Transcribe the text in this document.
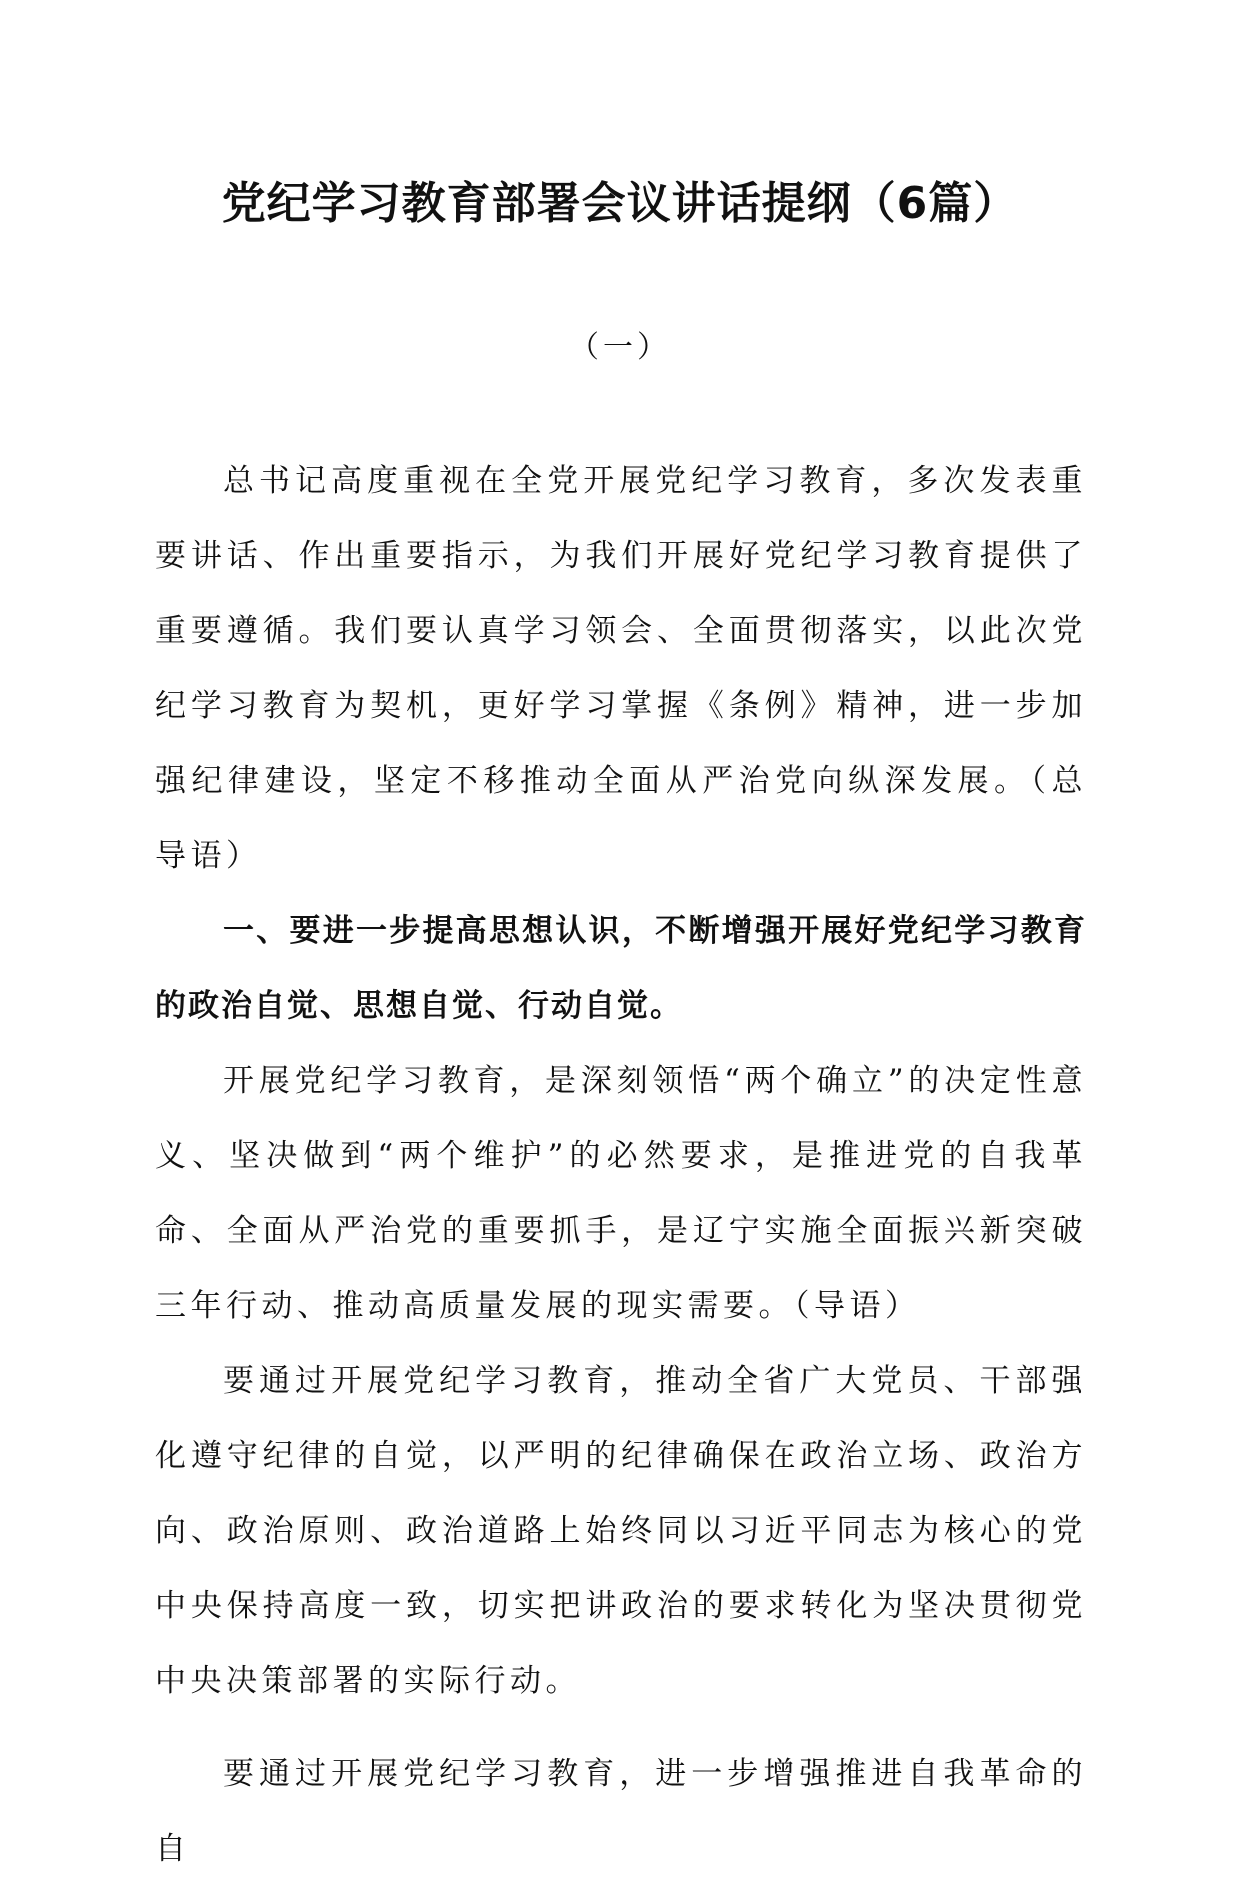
党纪学习教育部署会议讲话提纲（6篇）
（一）

总书记高度重视在全党开展党纪学习教育，多次发表重要讲话、作出重要指示，为我们开展好党纪学习教育提供了重要遵循。我们要认真学习领会、全面贯彻落实，以此次党纪学习教育为契机，更好学习掌握《条例》精神，进一步加强纪律建设，坚定不移推动全面从严治党向纵深发展。（总导语）

一、要进一步提高思想认识，不断增强开展好党纪学习教育的政治自觉、思想自觉、行动自觉。

开展党纪学习教育，是深刻领悟“两个确立”的决定性意义、坚决做到“两个维护”的必然要求，是推进党的自我革命、全面从严治党的重要抓手，是辽宁实施全面振兴新突破三年行动、推动高质量发展的现实需要。（导语）

要通过开展党纪学习教育，推动全省广大党员、干部强化遵守纪律的自觉，以严明的纪律确保在政治立场、政治方向、政治原则、政治道路上始终同以习近平同志为核心的党中央保持高度一致，切实把讲政治的要求转化为坚决贯彻党中央决策部署的实际行动。

要通过开展党纪学习教育，进一步增强推进自我革命的自
